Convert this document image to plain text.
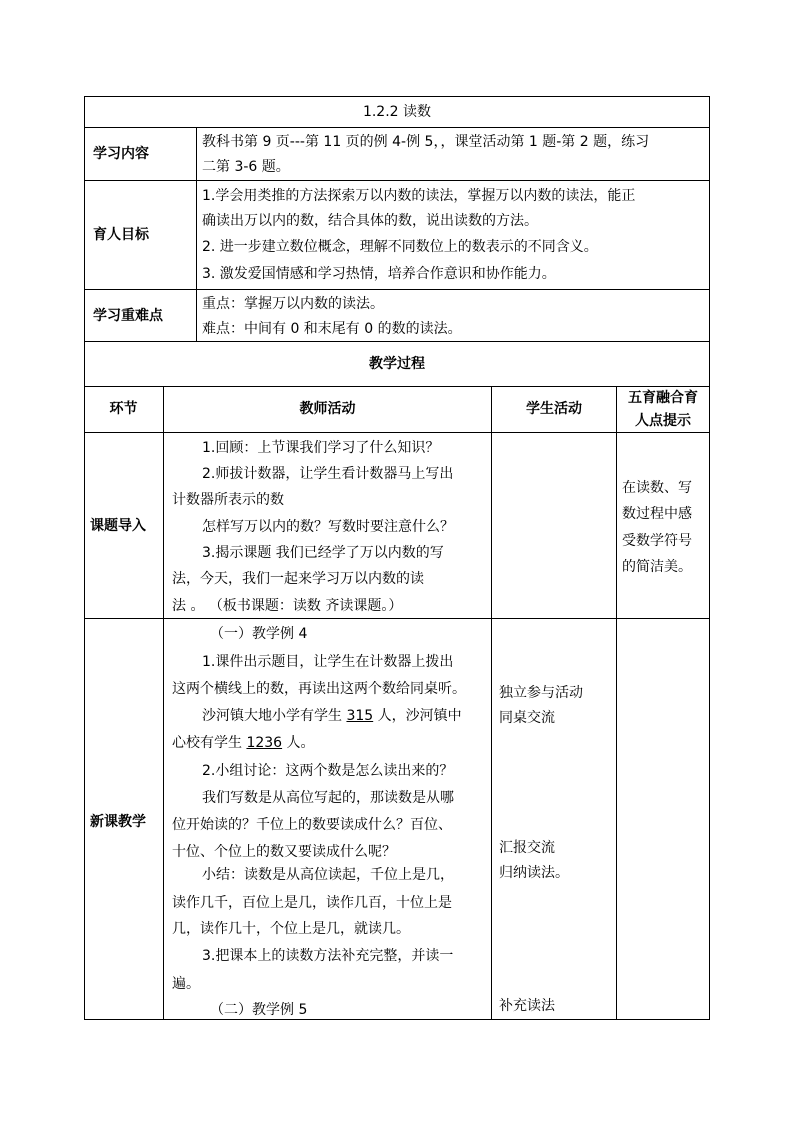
1.2.2 读数
学习内容
教科书第 9 页---第 11 页的例 4-例 5，，课堂活动第 1 题-第 2 题，练习
二第 3-6 题。
育人目标
1.学会用类推的方法探索万以内数的读法，掌握万以内数的读法，能正
确读出万以内的数，结合具体的数，说出读数的方法。
2. 进一步建立数位概念，理解不同数位上的数表示的不同含义。
3. 激发爱国情感和学习热情，培养合作意识和协作能力。
学习重难点
重点：掌握万以内数的读法。
难点：中间有 0 和末尾有 0 的数的读法。
教学过程
环节	教师活动	学生活动
五育融合育
人点提示
课题导入
1.回顾：上节课我们学习了什么知识？
2.师拔计数器，让学生看计数器马上写出
计数器所表示的数
怎样写万以内的数？写数时要注意什么？
3.揭示课题 我们已经学了万以内数的写
法，今天，我们一起来学习万以内数的读
法 。 （板书课题：读数 齐读课题。）
在读数、写
数过程中感
受数学符号
的简洁美。
新课教学
（一）教学例 4
1.课件出示题目，让学生在计数器上拨出
这两个横线上的数，再读出这两个数给同桌听。
沙河镇大地小学有学生 315 人，沙河镇中
心校有学生 1236 人。
2.小组讨论：这两个数是怎么读出来的？
我们写数是从高位写起的，那读数是从哪
位开始读的？千位上的数要读成什么？百位、
十位、个位上的数又要读成什么呢？
小结：读数是从高位读起，千位上是几，
读作几千，百位上是几，读作几百，十位上是
几，读作几十，个位上是几，就读几。
3.把课本上的读数方法补充完整，并读一
遍。
（二）教学例 5
独立参与活动
同桌交流
汇报交流
归纳读法。
补充读法
